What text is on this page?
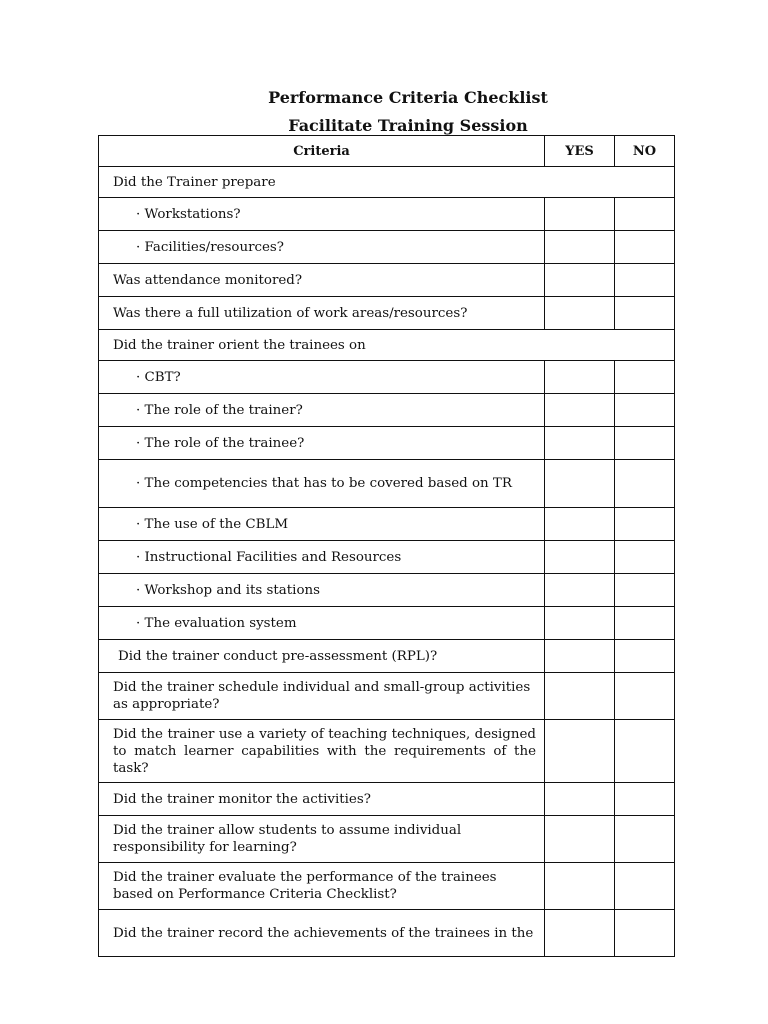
Performance Criteria Checklist
Facilitate Training Session
Criteria	YES	NO
Did the Trainer prepare		

· Workstations?		

· Facilities/resources?		

Was attendance monitored?		
Was there a full utilization of work areas/resources?		
Did the trainer orient the trainees on		

· CBT?		

· The role of the trainer?		

· The role of the trainee?		

· The competencies that has to be covered based on TR		

· The use of the CBLM		

· Instructional Facilities and Resources		

· Workshop and its stations		

· The evaluation system		

Did the trainer conduct pre-assessment (RPL)?		
Did the trainer schedule individual and small-group activities as appropriate?		
Did the trainer use a variety of teaching techniques, designed to match learner capabilities with the requirements of the task?		
Did the trainer monitor the activities?		
Did the trainer allow students to assume individual responsibility for learning?		
Did the trainer evaluate the performance of the trainees based on Performance Criteria Checklist?		
Did the trainer record the achievements of the trainees in the		
